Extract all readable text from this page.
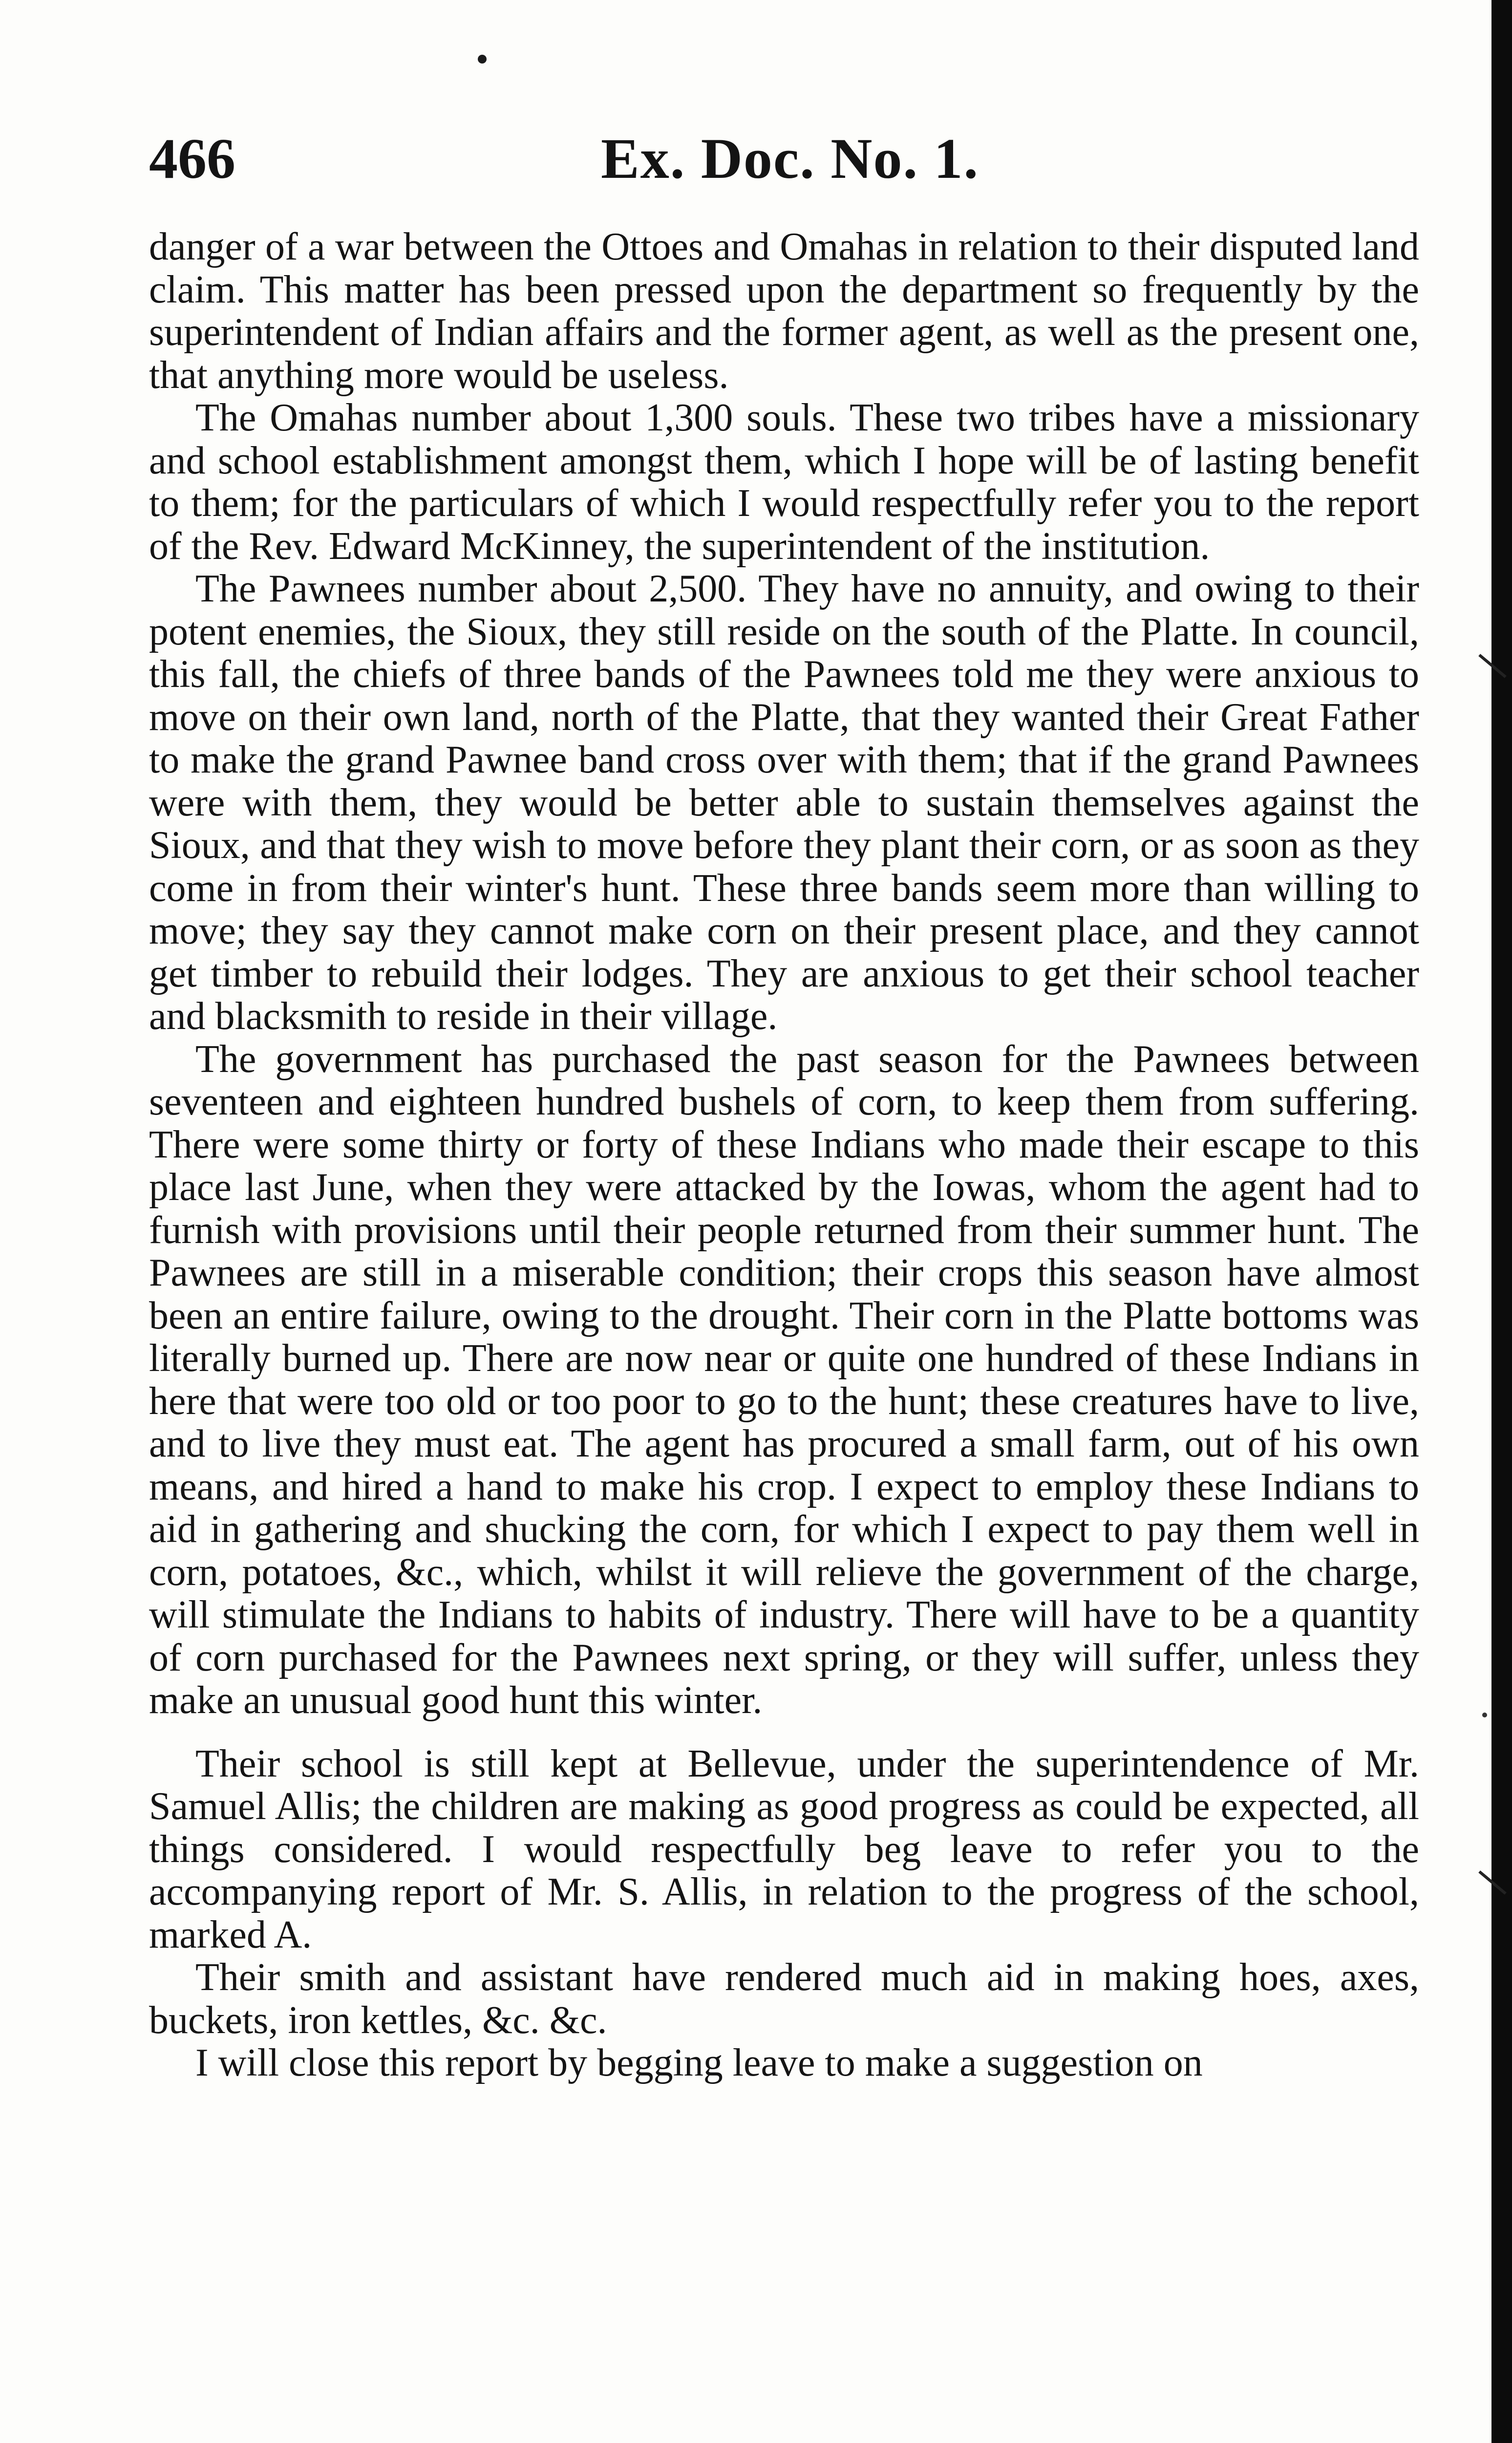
466	Ex. Doc. No. 1.

danger of a war between the Ottoes and Omahas in relation to their disputed land claim. This matter has been pressed upon the department so frequently by the superintendent of Indian affairs and the former agent, as well as the present one, that anything more would be useless.

The Omahas number about 1,300 souls. These two tribes have a missionary and school establishment amongst them, which I hope will be of lasting benefit to them; for the particulars of which I would respectfully refer you to the report of the Rev. Edward McKinney, the superintendent of the institution.

The Pawnees number about 2,500. They have no annuity, and owing to their potent enemies, the Sioux, they still reside on the south of the Platte. In council, this fall, the chiefs of three bands of the Pawnees told me they were anxious to move on their own land, north of the Platte, that they wanted their Great Father to make the grand Pawnee band cross over with them; that if the grand Pawnees were with them, they would be better able to sustain themselves against the Sioux, and that they wish to move before they plant their corn, or as soon as they come in from their winter's hunt. These three bands seem more than willing to move; they say they cannot make corn on their present place, and they cannot get timber to rebuild their lodges. They are anxious to get their school teacher and blacksmith to reside in their village.

The government has purchased the past season for the Pawnees between seventeen and eighteen hundred bushels of corn, to keep them from suffering. There were some thirty or forty of these Indians who made their escape to this place last June, when they were attacked by the Iowas, whom the agent had to furnish with provisions until their people returned from their summer hunt. The Pawnees are still in a miserable condition; their crops this season have almost been an entire failure, owing to the drought. Their corn in the Platte bottoms was literally burned up. There are now near or quite one hundred of these Indians in here that were too old or too poor to go to the hunt; these creatures have to live, and to live they must eat. The agent has procured a small farm, out of his own means, and hired a hand to make his crop. I expect to employ these Indians to aid in gathering and shucking the corn, for which I expect to pay them well in corn, potatoes, &c., which, whilst it will relieve the government of the charge, will stimulate the Indians to habits of industry. There will have to be a quantity of corn purchased for the Pawnees next spring, or they will suffer, unless they make an unusual good hunt this winter.

Their school is still kept at Bellevue, under the superintendence of Mr. Samuel Allis; the children are making as good progress as could be expected, all things considered. I would respectfully beg leave to refer you to the accompanying report of Mr. S. Allis, in relation to the progress of the school, marked A.

Their smith and assistant have rendered much aid in making hoes, axes, buckets, iron kettles, &c. &c.

I will close this report by begging leave to make a suggestion on
